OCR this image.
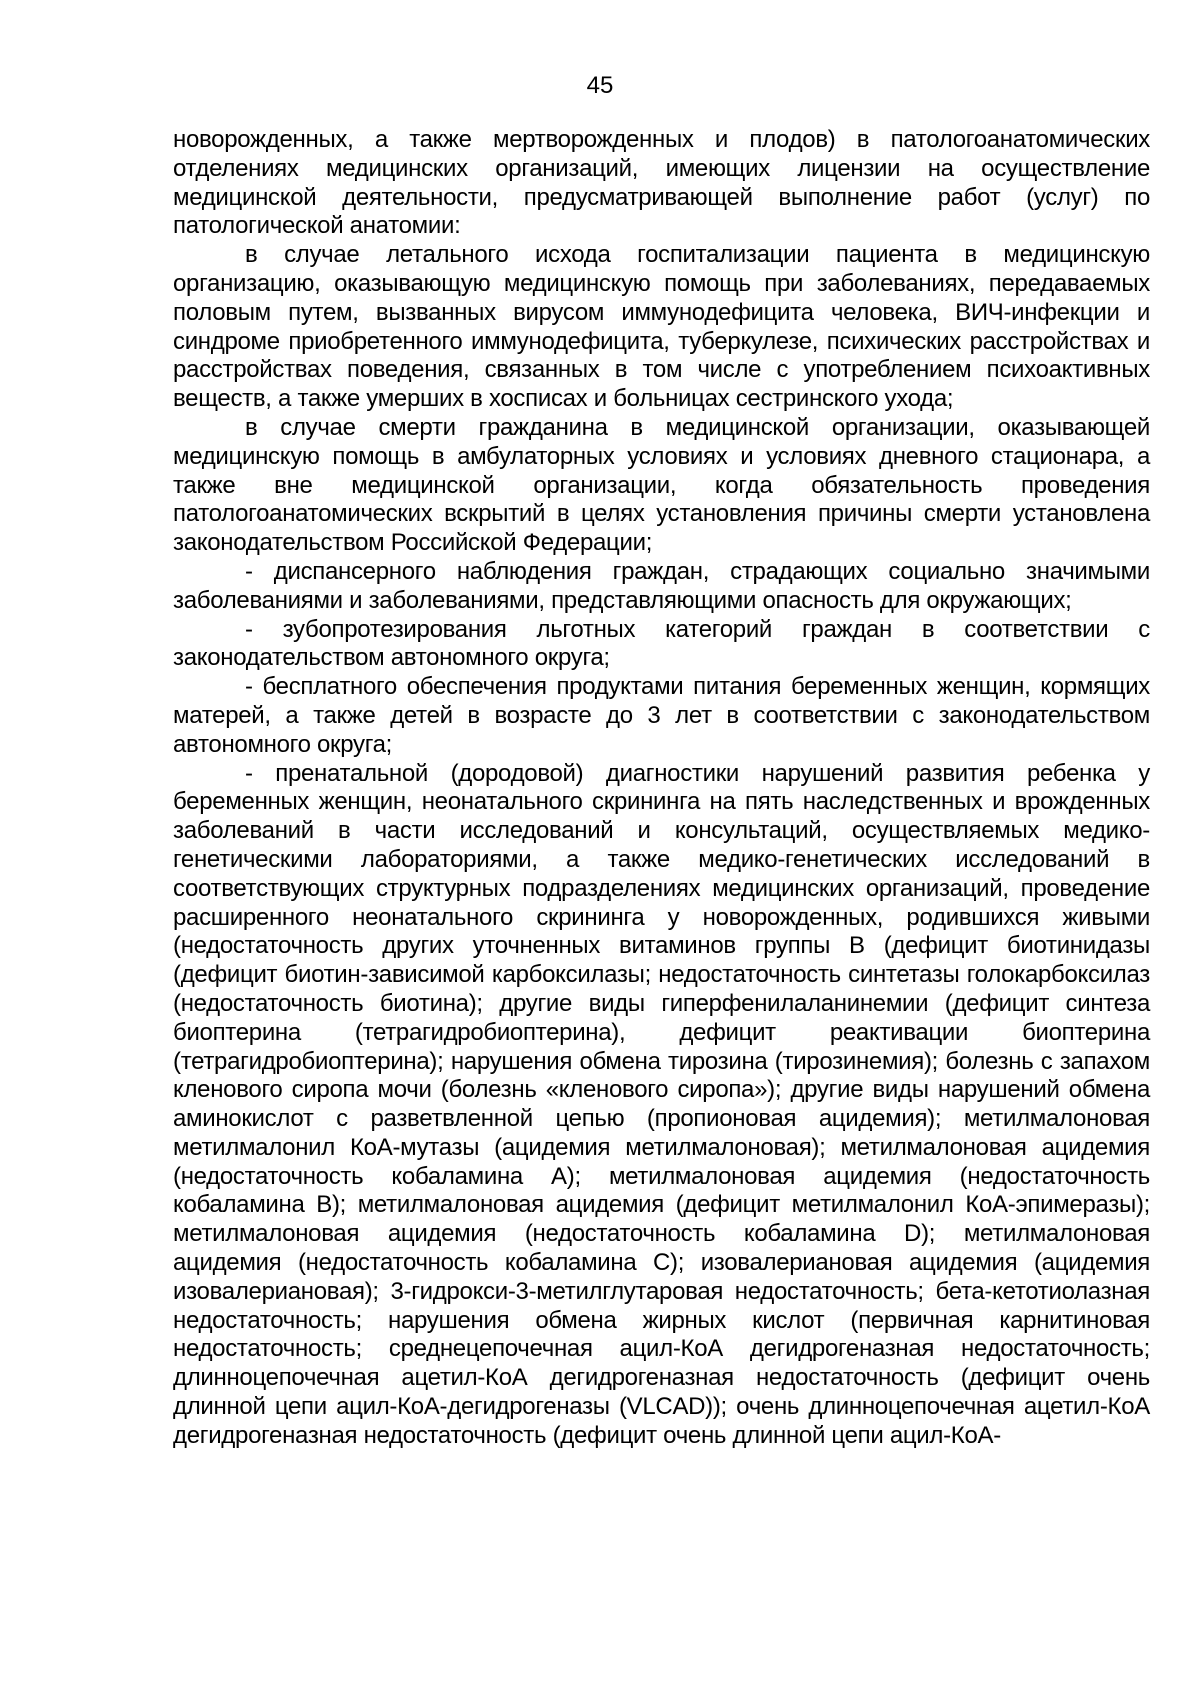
45

новорожденных, а также мертворожденных и плодов) в патологоанатомических отделениях медицинских организаций, имеющих лицензии на осуществление медицинской деятельности, предусматривающей выполнение работ (услуг) по патологической анатомии:

в случае летального исхода госпитализации пациента в медицинскую организацию, оказывающую медицинскую помощь при заболеваниях, передаваемых половым путем, вызванных вирусом иммунодефицита человека, ВИЧ-инфекции и синдроме приобретенного иммунодефицита, туберкулезе, психических расстройствах и расстройствах поведения, связанных в том числе с употреблением психоактивных веществ, а также умерших в хосписах и больницах сестринского ухода;

в случае смерти гражданина в медицинской организации, оказывающей медицинскую помощь в амбулаторных условиях и условиях дневного стационара, а также вне медицинской организации, когда обязательность проведения патологоанатомических вскрытий в целях установления причины смерти установлена законодательством Российской Федерации;

- диспансерного наблюдения граждан, страдающих социально значимыми заболеваниями и заболеваниями, представляющими опасность для окружающих;

- зубопротезирования льготных категорий граждан в соответствии с законодательством автономного округа;

- бесплатного обеспечения продуктами питания беременных женщин, кормящих матерей, а также детей в возрасте до 3 лет в соответствии с законодательством автономного округа;

- пренатальной (дородовой) диагностики нарушений развития ребенка у беременных женщин, неонатального скрининга на пять наследственных и врожденных заболеваний в части исследований и консультаций, осуществляемых медико-генетическими лабораториями, а также медико-генетических исследований в соответствующих структурных подразделениях медицинских организаций, проведение расширенного неонатального скрининга у новорожденных, родившихся живыми (недостаточность других уточненных витаминов группы B (дефицит биотинидазы (дефицит биотин-зависимой карбоксилазы; недостаточность синтетазы голокарбоксилаз (недостаточность биотина); другие виды гиперфенилаланинемии (дефицит синтеза биоптерина (тетрагидробиоптерина), дефицит реактивации биоптерина (тетрагидробиоптерина); нарушения обмена тирозина (тирозинемия); болезнь с запахом кленового сиропа мочи (болезнь «кленового сиропа»); другие виды нарушений обмена аминокислот с разветвленной цепью (пропионовая ацидемия); метилмалоновая метилмалонил КоА-мутазы (ацидемия метилмалоновая); метилмалоновая ацидемия (недостаточность кобаламина A); метилмалоновая ацидемия (недостаточность кобаламина B); метилмалоновая ацидемия (дефицит метилмалонил КоА-эпимеразы); метилмалоновая ацидемия (недостаточность кобаламина D); метилмалоновая ацидемия (недостаточность кобаламина C); изовалериановая ацидемия (ацидемия изовалериановая); 3-гидрокси-3-метилглутаровая недостаточность; бета-кетотиолазная недостаточность; нарушения обмена жирных кислот (первичная карнитиновая недостаточность; среднецепочечная ацил-КоА дегидрогеназная недостаточность; длинноцепочечная ацетил-КоА дегидрогеназная недостаточность (дефицит очень длинной цепи ацил-КоА-дегидрогеназы (VLCAD)); очень длинноцепочечная ацетил-КоА дегидрогеназная недостаточность (дефицит очень длинной цепи ацил-КоА-
